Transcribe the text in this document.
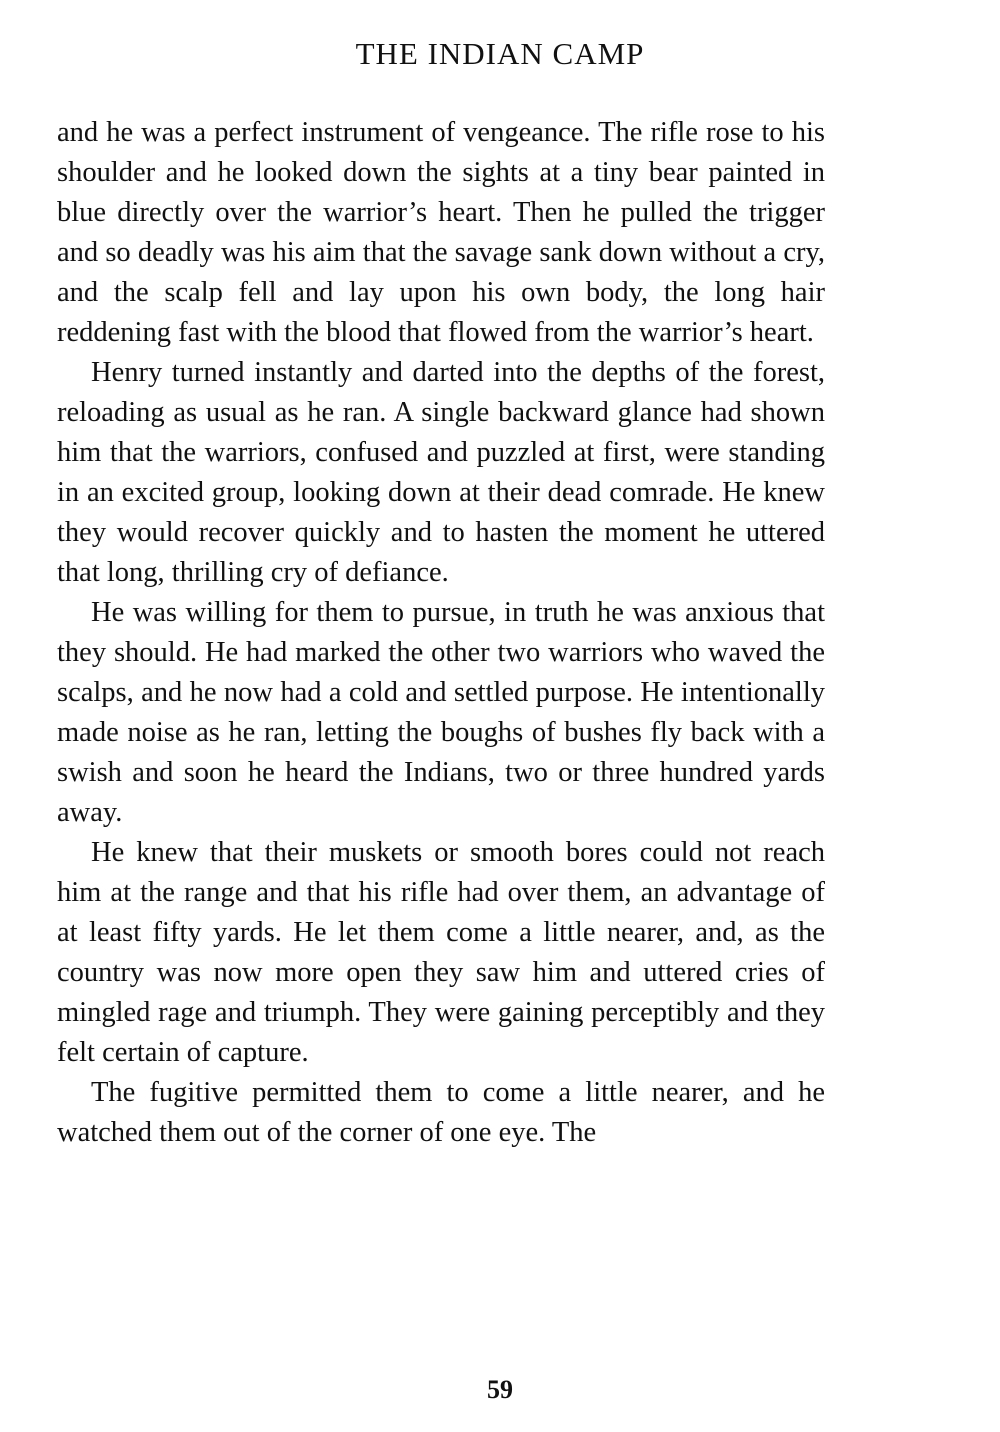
THE INDIAN CAMP

and he was a perfect instrument of vengeance. The rifle rose to his shoulder and he looked down the sights at a tiny bear painted in blue directly over the warrior’s heart. Then he pulled the trigger and so deadly was his aim that the savage sank down without a cry, and the scalp fell and lay upon his own body, the long hair reddening fast with the blood that flowed from the warrior’s heart.

Henry turned instantly and darted into the depths of the forest, reloading as usual as he ran. A single backward glance had shown him that the warriors, confused and puzzled at first, were standing in an excited group, looking down at their dead comrade. He knew they would recover quickly and to hasten the moment he uttered that long, thrilling cry of defiance.

He was willing for them to pursue, in truth he was anxious that they should. He had marked the other two warriors who waved the scalps, and he now had a cold and settled purpose. He intentionally made noise as he ran, letting the boughs of bushes fly back with a swish and soon he heard the Indians, two or three hundred yards away.

He knew that their muskets or smooth bores could not reach him at the range and that his rifle had over them, an advantage of at least fifty yards. He let them come a little nearer, and, as the country was now more open they saw him and uttered cries of mingled rage and triumph. They were gaining perceptibly and they felt certain of capture.

The fugitive permitted them to come a little nearer, and he watched them out of the corner of one eye. The

59
